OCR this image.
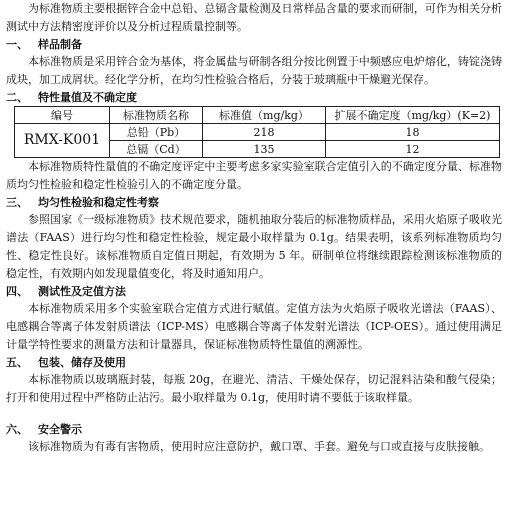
为标准物质主要根据锌合金中总铅、总镉含量检测及日常样品含量的要求而研制，可作为相关分析测试中方法精密度评价以及分析过程质量控制等。

一、 样品制备

本标准物质是采用锌合金为基体，将金属盐与研制各组分按比例置于中频感应电炉熔化，铸锭浇铸成块，加工成屑状。经化学分析，在均匀性检验合格后，分装于玻璃瓶中干燥避光保存。

二、 特性量值及不确定度
编号	标准物质名称	标准值（mg/kg）	扩展不确定度（mg/kg）(K=2)
RMX-K001	总铅（Pb）	218	18
	总镉（Cd）	135	12

本标准物质特性量值的不确定度评定中主要考虑多家实验室联合定值引入的不确定度分量、标准物质均匀性检验和稳定性检验引入的不确定度分量。

三、 均匀性检验和稳定性考察

参照国家《一级标准物质》技术规范要求，随机抽取分装后的标准物质样品，采用火焰原子吸收光谱法（FAAS）进行均匀性和稳定性检验，规定最小取样量为 0.1g。结果表明，该系列标准物质均匀性、稳定性良好。该标准物质自定值日期起，有效期为 5 年。研制单位将继续跟踪检测该标准物质的稳定性，有效期内如发现量值变化，将及时通知用户。

四、 测试性及定值方法

本标准物质采用多个实验室联合定值方式进行赋值。定值方法为火焰原子吸收光谱法（FAAS）、电感耦合等离子体发射质谱法（ICP-MS）电感耦合等离子体发射光谱法（ICP-OES）。通过使用满足计量学特性要求的测量方法和计量器具，保证标准物质特性量值的溯源性。

五、 包装、储存及使用

本标准物质以玻璃瓶封装，每瓶 20g，在避光、清洁、干燥处保存，切记混料沾染和酸气侵染；打开和使用过程中严格防止沾污。最小取样量为 0.1g，使用时请不要低于该取样量。

六、 安全警示

该标准物质为有毒有害物质，使用时应注意防护，戴口罩、手套。避免与口或直接与皮肤接触。
